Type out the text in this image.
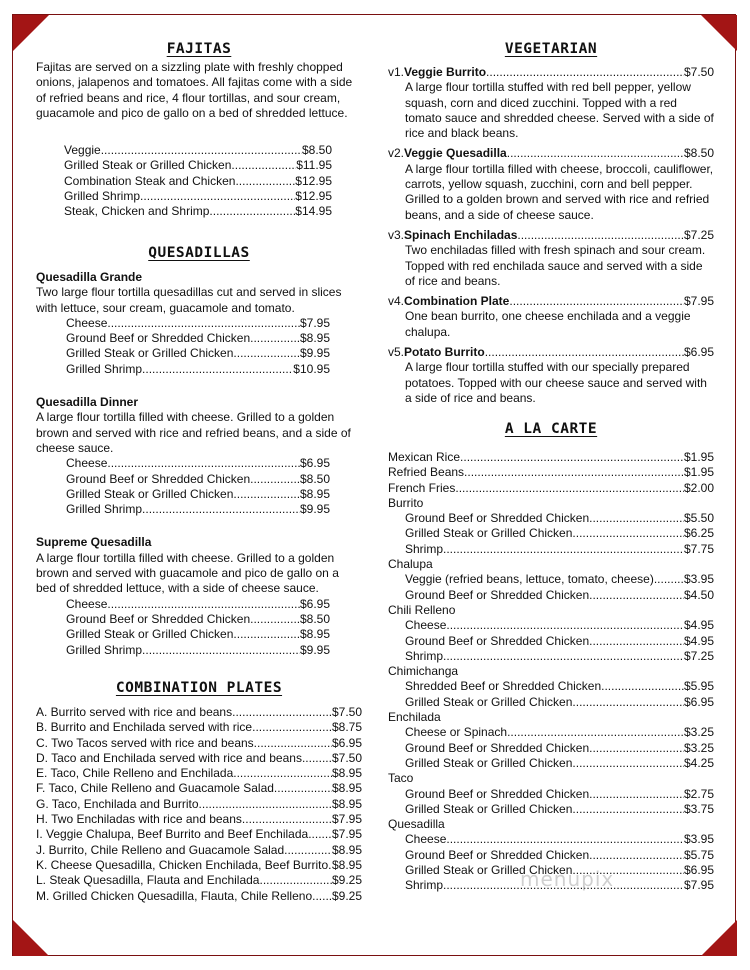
FAJITAS

Fajitas are served on a sizzling plate with freshly chopped onions, jalapenos and tomatoes. All fajitas come with a side of refried beans and rice, 4 flour tortillas, and sour cream, guacamole and pico de gallo on a bed of shredded lettuce.

Veggie .....	$8.50
Grilled Steak or Grilled Chicken .....	$11.95
Combination Steak and Chicken .....	$12.95
Grilled Shrimp .....	$12.95
Steak, Chicken and Shrimp .....	$14.95
QUESADILLAS

Quesadilla Grande

Two large flour tortilla quesadillas cut and served in slices with lettuce, sour cream, guacamole and tomato.

Cheese .....	$7.95
Ground Beef or Shredded Chicken .....	$8.95
Grilled Steak or Grilled Chicken .....	$9.95
Grilled Shrimp .....	$10.95

Quesadilla Dinner

A large flour tortilla filled with cheese. Grilled to a golden brown and served with rice and refried beans, and a side of cheese sauce.

Cheese .....	$6.95
Ground Beef or Shredded Chicken .....	$8.50
Grilled Steak or Grilled Chicken .....	$8.95
Grilled Shrimp .....	$9.95

Supreme Quesadilla

A large flour tortilla filled with cheese. Grilled to a golden brown and served with guacamole and pico de gallo on a bed of shredded lettuce, with a side of cheese sauce.

Cheese .....	$6.95
Ground Beef or Shredded Chicken .....	$8.50
Grilled Steak or Grilled Chicken .....	$8.95
Grilled Shrimp .....	$9.95
COMBINATION PLATES
A. Burrito served with rice and beans .....	$7.50
B. Burrito and Enchilada served with rice .....	$8.75
C. Two Tacos served with rice and beans .....	$6.95
D. Taco and Enchilada served with rice and beans .....	$7.50
E. Taco, Chile Relleno and Enchilada .....	$8.95
F. Taco, Chile Relleno and Guacamole Salad .....	$8.95
G. Taco, Enchilada and Burrito .....	$8.95
H. Two Enchiladas with rice and beans .....	$7.95
I. Veggie Chalupa, Beef Burrito and Beef Enchilada ..... $7.95
J. Burrito, Chile Relleno and Guacamole Salad .....	$8.95
K. Cheese Quesadilla, Chicken Enchilada, Beef Burrito ..... $8.95
L. Steak Quesadilla, Flauta and Enchilada .....	$9.25
M. Grilled Chicken Quesadilla, Flauta, Chile Relleno ..... $9.25
VEGETARIAN
v1. Veggie Burrito .....	$7.50

A large flour tortilla stuffed with red bell pepper, yellow squash, corn and diced zucchini. Topped with a red tomato sauce and shredded cheese. Served with a side of rice and black beans.

v2. Veggie Quesadilla .....	$8.50

A large flour tortilla filled with cheese, broccoli, cauliflower, carrots, yellow squash, zucchini, corn and bell pepper. Grilled to a golden brown and served with rice and refried beans, and a side of cheese sauce.

v3. Spinach Enchiladas .....	$7.25

Two enchiladas filled with fresh spinach and sour cream. Topped with red enchilada sauce and served with a side of rice and beans.

v4. Combination Plate .....	$7.95

One bean burrito, one cheese enchilada and a veggie chalupa.

v5. Potato Burrito .....	$6.95

A large flour tortilla stuffed with our specially prepared potatoes. Topped with our cheese sauce and served with a side of rice and beans.

A LA CARTE
Mexican Rice .....	$1.95
Refried Beans .....	$1.95
French Fries .....	$2.00

Burrito

Ground Beef or Shredded Chicken .....	$5.50
Grilled Steak or Grilled Chicken .....	$6.25
Shrimp .....	$7.75

Chalupa

Veggie (refried beans, lettuce, tomato, cheese) .....	$3.95
Ground Beef or Shredded Chicken .....	$4.50

Chili Relleno

Cheese .....	$4.95
Ground Beef or Shredded Chicken .....	$4.95
Shrimp .....	$7.25

Chimichanga

Shredded Beef or Shredded Chicken .....	$5.95
Grilled Steak or Grilled Chicken .....	$6.95

Enchilada

Cheese or Spinach .....	$3.25
Ground Beef or Shredded Chicken .....	$3.25
Grilled Steak or Grilled Chicken .....	$4.25

Taco

Ground Beef or Shredded Chicken .....	$2.75
Grilled Steak or Grilled Chicken .....	$3.75

Quesadilla

Cheese .....	$3.95
Ground Beef or Shredded Chicken .....	$5.75
Grilled Steak or Grilled Chicken .....	$6.95
Shrimp .....	$7.95
menupix
